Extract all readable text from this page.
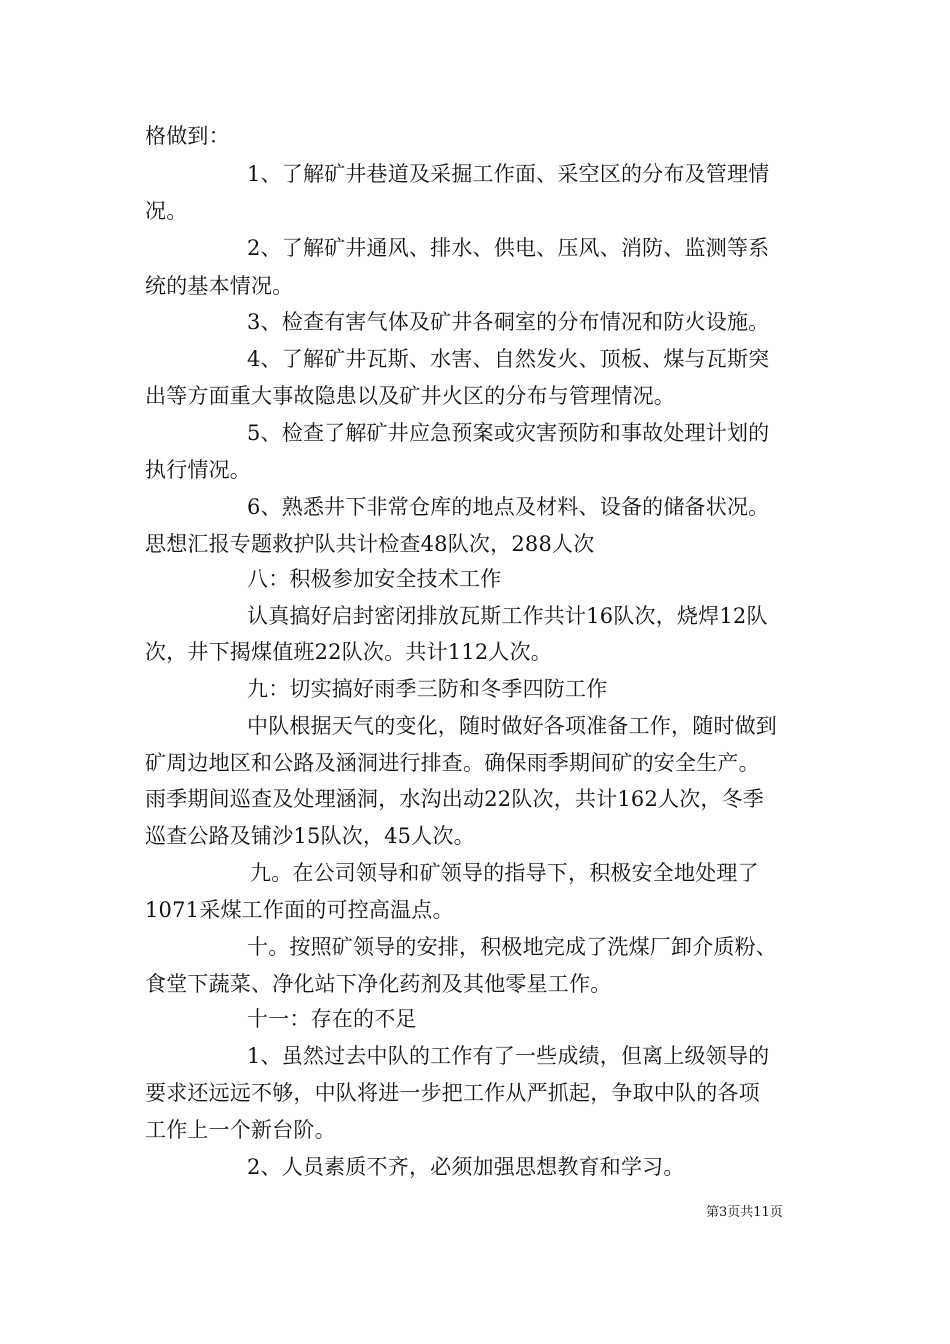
格做到：
1、了解矿井巷道及采掘工作面、采空区的分布及管理情
况。
2、了解矿井通风、排水、供电、压风、消防、监测等系
统的基本情况。
3、检查有害气体及矿井各硐室的分布情况和防火设施。
4、了解矿井瓦斯、水害、自然发火、顶板、煤与瓦斯突
出等方面重大事故隐患以及矿井火区的分布与管理情况。
5、检查了解矿井应急预案或灾害预防和事故处理计划的
执行情况。
6、熟悉井下非常仓库的地点及材料、设备的储备状况。
思想汇报专题救护队共计检查48队次，288人次
八：积极参加安全技术工作
认真搞好启封密闭排放瓦斯工作共计16队次，烧焊12队
次，井下揭煤值班22队次。共计112人次。
九：切实搞好雨季三防和冬季四防工作
中队根据天气的变化，随时做好各项准备工作，随时做到
矿周边地区和公路及涵洞进行排查。确保雨季期间矿的安全生产。
雨季期间巡查及处理涵洞，水沟出动22队次，共计162人次，冬季
巡查公路及铺沙15队次，45人次。
九。在公司领导和矿领导的指导下，积极安全地处理了
1071采煤工作面的可控高温点。
十。按照矿领导的安排，积极地完成了洗煤厂卸介质粉、
食堂下蔬菜、净化站下净化药剂及其他零星工作。
十一：存在的不足
1、虽然过去中队的工作有了一些成绩，但离上级领导的
要求还远远不够，中队将进一步把工作从严抓起，争取中队的各项
工作上一个新台阶。
2、人员素质不齐，必须加强思想教育和学习。
第3页共11页
